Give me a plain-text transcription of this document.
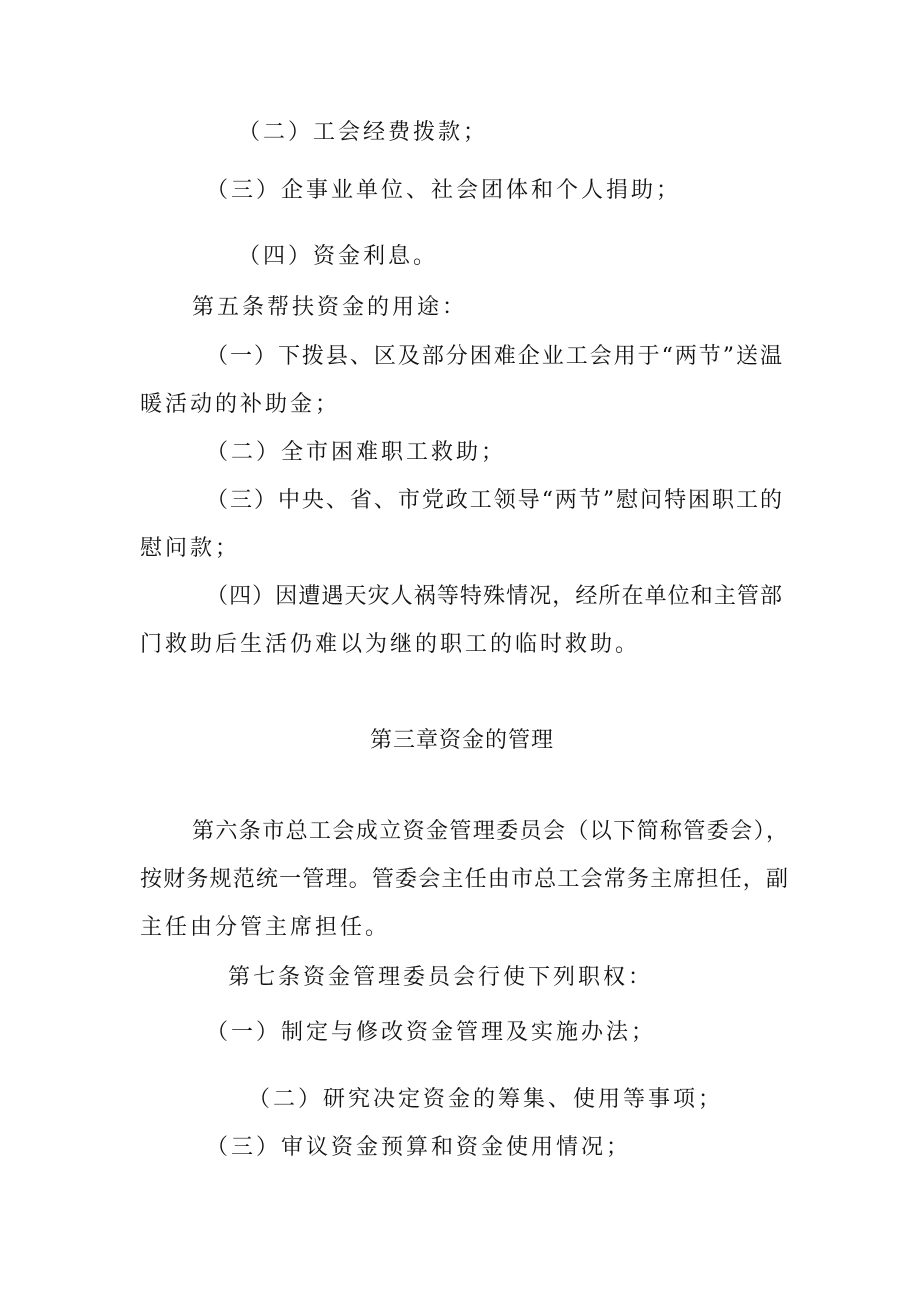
（二）工会经费拨款；

（三）企事业单位、社会团体和个人捐助；

（四）资金利息。

第五条帮扶资金的用途：

（一）下拨县、区及部分困难企业工会用于“两节”送温

暖活动的补助金；

（二）全市困难职工救助；

（三）中央、省、市党政工领导“两节”慰问特困职工的

慰问款；

（四）因遭遇天灾人祸等特殊情况，经所在单位和主管部

门救助后生活仍难以为继的职工的临时救助。

第三章资金的管理

第六条市总工会成立资金管理委员会（以下简称管委会），

按财务规范统一管理。管委会主任由市总工会常务主席担任，副

主任由分管主席担任。

第七条资金管理委员会行使下列职权：

（一）制定与修改资金管理及实施办法；

（二）研究决定资金的筹集、使用等事项；

（三）审议资金预算和资金使用情况；
